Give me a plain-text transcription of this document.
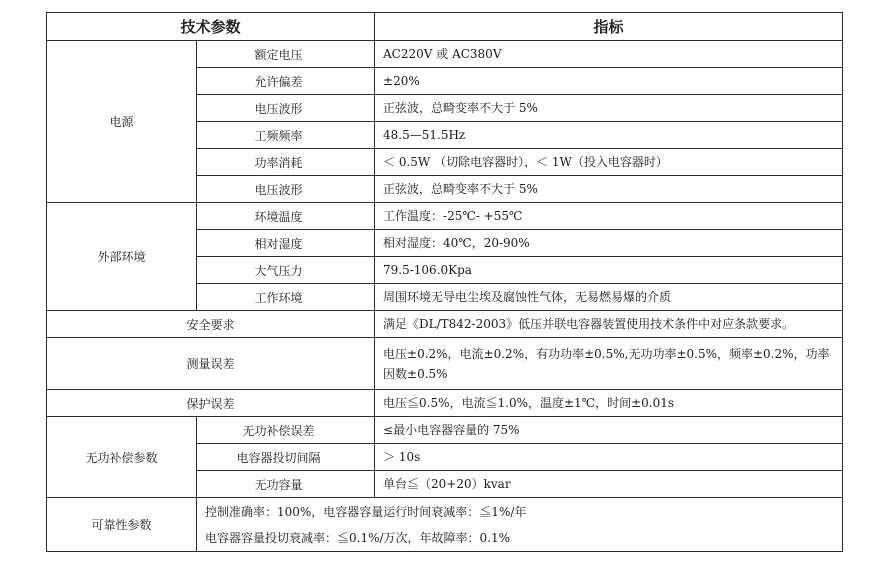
技术参数		指标
电源	额定电压	AC220V 或 AC380V
	允许偏差	±20%
	电压波形	正弦波，总畸变率不大于 5%
	工频频率	48.5—51.5Hz
	功率消耗	＜ 0.5W （切除电容器时），＜ 1W（投入电容器时）
	电压波形	正弦波，总畸变率不大于 5%
外部环境	环境温度	工作温度：-25℃- +55℃
	相对湿度	相对湿度：40℃，20-90%
	大气压力	79.5-106.0Kpa
	工作环境	周围环境无导电尘埃及腐蚀性气体，无易燃易爆的介质
安全要求		满足《DL/T842-2003》低压并联电容器装置使用技术条件中对应条款要求。
测量误差		电压±0.2%，电流±0.2%，有功功率±0.5%,无功功率±0.5%，频率±0.2%，功率
因数±0.5%

保护误差		电压≦0.5%，电流≦1.0%，温度±1℃，时间±0.01s
无功补偿参数	无功补偿误差	≤最小电容器容量的 75%
	电容器投切间隔	＞ 10s
	无功容量	单台≦（20+20）kvar
可靠性参数	控制准确率：100%，电容器容量运行时间衰减率：≦1%/年
电容器容量投切衰减率：≦0.1%/万次，年故障率：0.1%	
